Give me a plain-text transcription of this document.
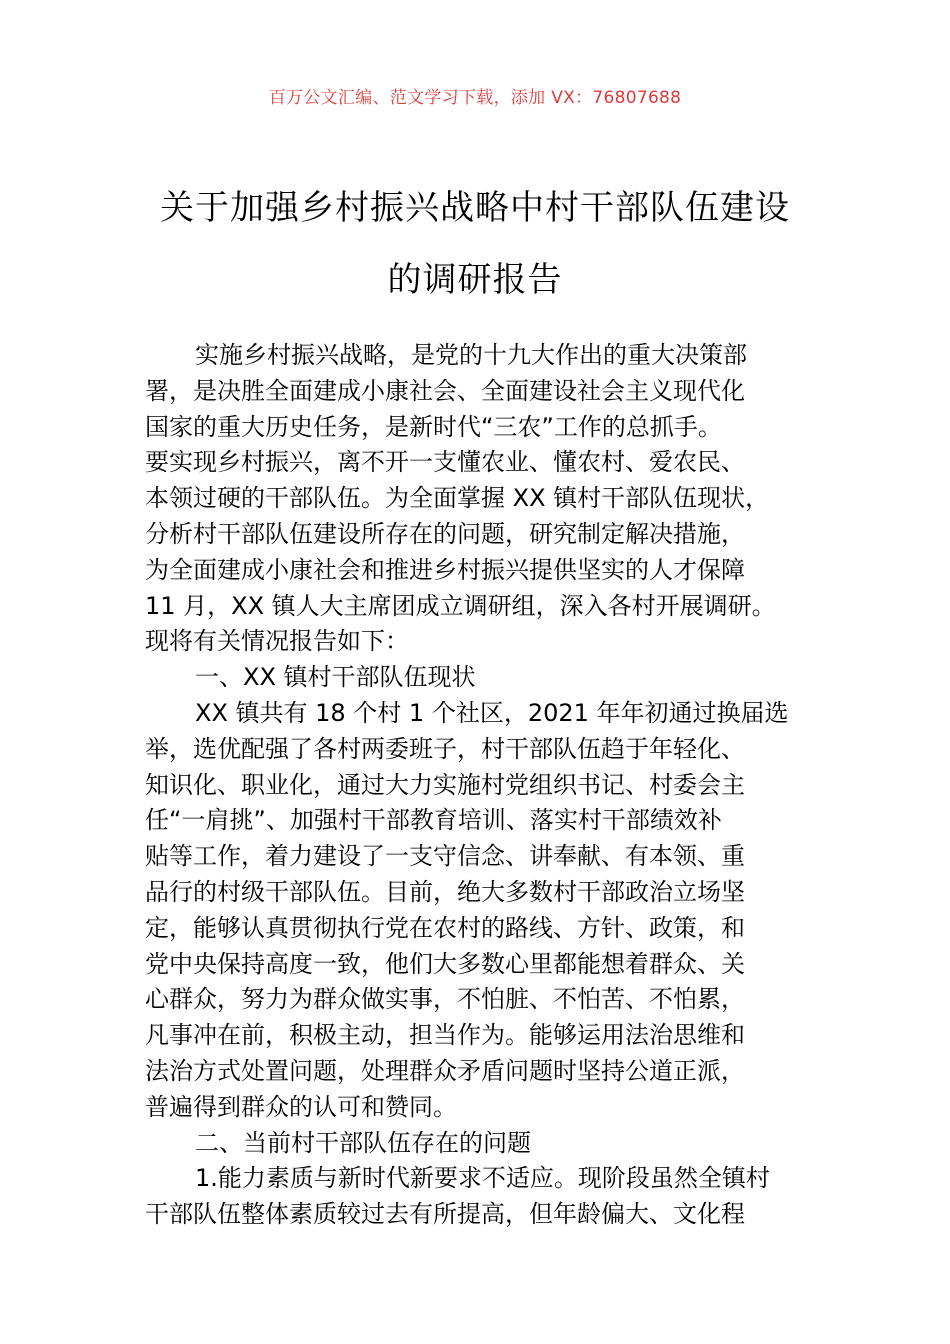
百万公文汇编、范文学习下载，添加 VX：76807688
关于加强乡村振兴战略中村干部队伍建设
的调研报告
实施乡村振兴战略，是党的十九大作出的重大决策部
署，是决胜全面建成小康社会、全面建设社会主义现代化
国家的重大历史任务，是新时代“三农”工作的总抓手。
要实现乡村振兴，离不开一支懂农业、懂农村、爱农民、
本领过硬的干部队伍。为全面掌握 XX 镇村干部队伍现状，
分析村干部队伍建设所存在的问题，研究制定解决措施，
为全面建成小康社会和推进乡村振兴提供坚实的人才保障
11 月，XX 镇人大主席团成立调研组，深入各村开展调研。
现将有关情况报告如下：
一、XX 镇村干部队伍现状
XX 镇共有 18 个村 1 个社区，2021 年年初通过换届选
举，选优配强了各村两委班子，村干部队伍趋于年轻化、
知识化、职业化，通过大力实施村党组织书记、村委会主
任“一肩挑”、加强村干部教育培训、落实村干部绩效补
贴等工作，着力建设了一支守信念、讲奉献、有本领、重
品行的村级干部队伍。目前，绝大多数村干部政治立场坚
定，能够认真贯彻执行党在农村的路线、方针、政策，和
党中央保持高度一致，他们大多数心里都能想着群众、关
心群众，努力为群众做实事，不怕脏、不怕苦、不怕累，
凡事冲在前，积极主动，担当作为。能够运用法治思维和
法治方式处置问题，处理群众矛盾问题时坚持公道正派，
普遍得到群众的认可和赞同。
二、当前村干部队伍存在的问题
1.能力素质与新时代新要求不适应。现阶段虽然全镇村
干部队伍整体素质较过去有所提高，但年龄偏大、文化程
